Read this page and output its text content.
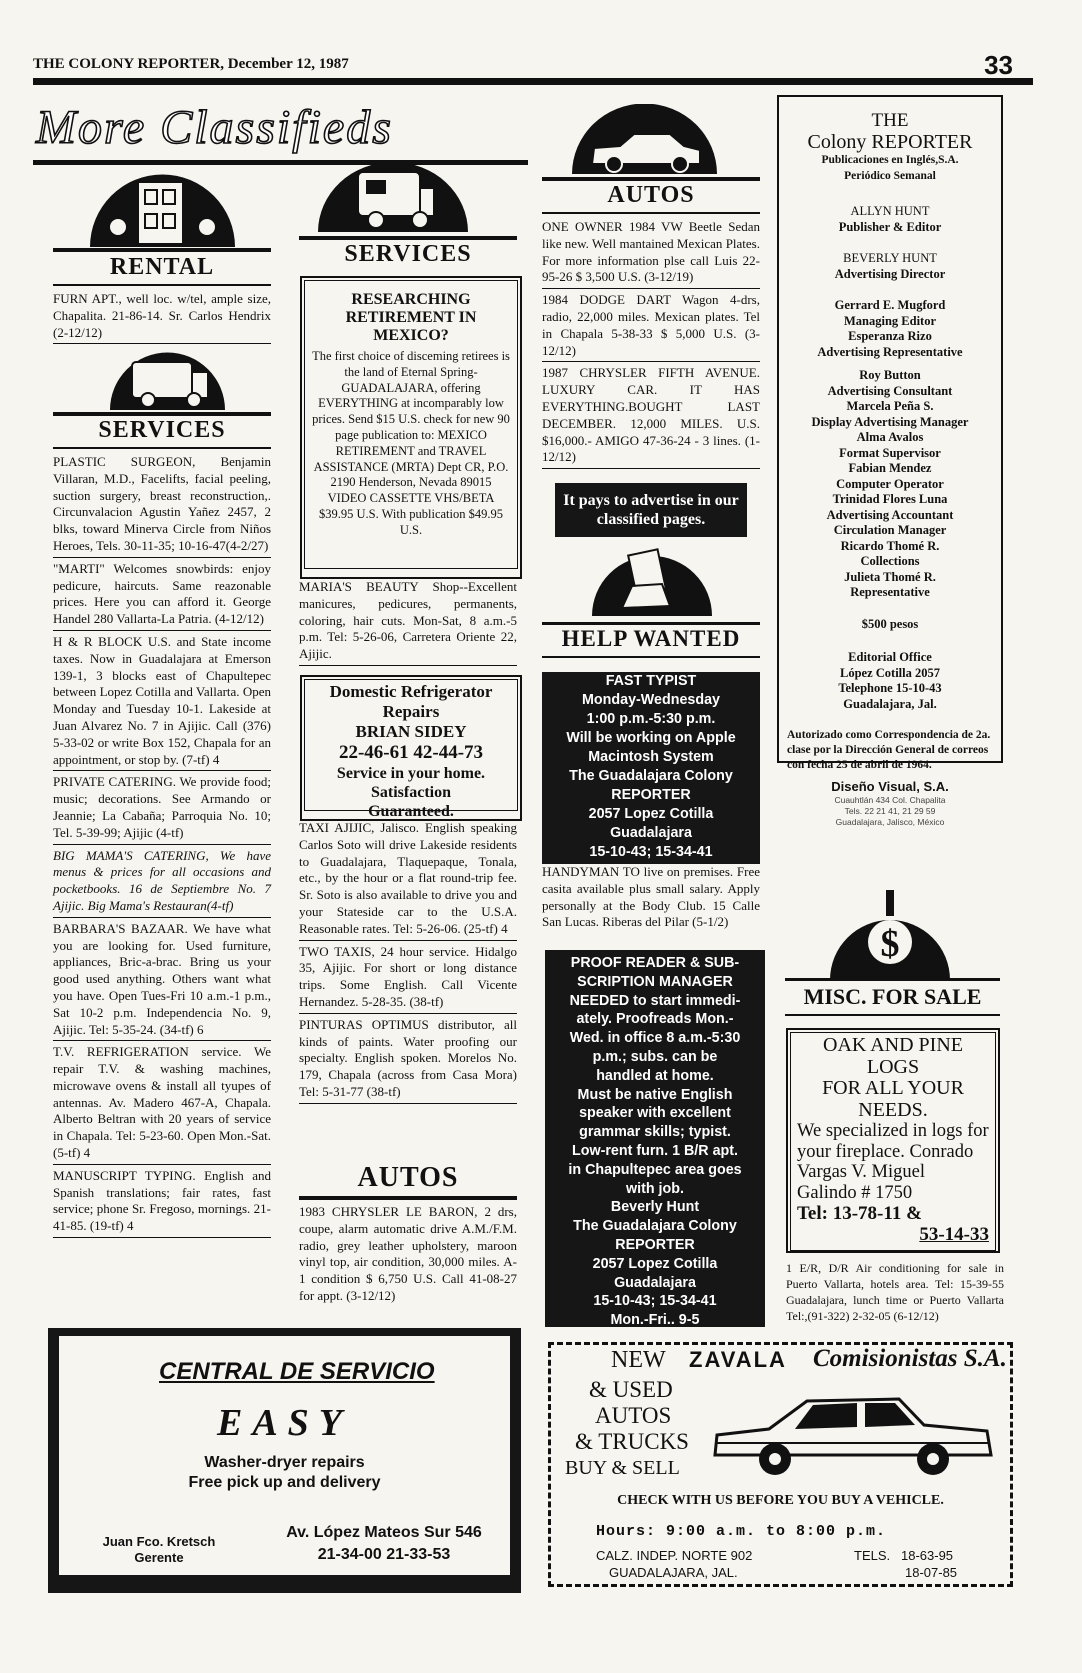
THE COLONY REPORTER, December 12, 1987	33
More Classifieds
RENTAL

FURN APT., well loc. w/tel, ample size, Chapalita. 21-86-14. Sr. Carlos Hendrix (2-12/12)

SERVICES

PLASTIC SURGEON, Benjamin Villaran, M.D., Facelifts, facial peeling, suction surgery, breast reconstruction,. Circunvalacion Agustin Yañez 2457, 2 blks, toward Minerva Circle from Niños Heroes, Tels. 30-11-35; 10-16-47(4-2/27)

"MARTI" Welcomes snowbirds: enjoy pedicure, haircuts. Same reazonable prices. Here you can afford it. George Handel 280 Vallarta-La Patria. (4-12/12)

H & R BLOCK U.S. and State income taxes. Now in Guadalajara at Emerson 139-1, 3 blocks east of Chapultepec between Lopez Cotilla and Vallarta. Open Monday and Tuesday 10-1. Lakeside at Juan Alvarez No. 7 in Ajijic. Call (376) 5-33-02 or write Box 152, Chapala for an appointment, or stop by. (7-tf) 4

PRIVATE CATERING. We provide food; music; decorations. See Armando or Jeannie; La Cabaña; Parroquia No. 10; Tel. 5-39-99; Ajijic (4-tf)

BIG MAMA'S CATERING, We have menus & prices for all occasions and pocketbooks. 16 de Septiembre No. 7 Ajijic. Big Mama's Restauran(4-tf)

BARBARA'S BAZAAR. We have what you are looking for. Used furniture, appliances, Bric-a-brac. Bring us your good used anything. Others want what you have. Open Tues-Fri 10 a.m.-1 p.m., Sat 10-2 p.m. Independencia No. 9, Ajijic. Tel: 5-35-24. (34-tf) 6

T.V. REFRIGERATION service. We repair T.V. & washing machines, microwave ovens & install all tyupes of antennas. Av. Madero 467-A, Chapala. Alberto Beltran with 20 years of service in Chapala. Tel: 5-23-60. Open Mon.-Sat. (5-tf) 4

MANUSCRIPT TYPING. English and Spanish translations; fair rates, fast service; phone Sr. Fregoso, mornings. 21-41-85. (19-tf) 4

SERVICES
RESEARCHING RETIREMENT IN MEXICO?
The first choice of disceming retirees is the land of Eternal Spring-GUADALAJARA, offering EVERYTHING at incomparably low prices. Send $15 U.S. check for new 90 page publication to: MEXICO RETIREMENT and TRAVEL ASSISTANCE (MRTA) Dept CR, P.O. 2190 Henderson, Nevada 89015 VIDEO CASSETTE VHS/BETA $39.95 U.S. With publication $49.95 U.S.

MARIA'S BEAUTY Shop--Excellent manicures, pedicures, permanents, coloring, hair cuts. Mon-Sat, 8 a.m.-5 p.m. Tel: 5-26-06, Carretera Oriente 22, Ajijic.

Domestic Refrigerator Repairs
BRIAN SIDEY
22-46-61 42-44-73
Service in your home.
Satisfaction
Guaranteed.

TAXI AJIJIC, Jalisco. English speaking Carlos Soto will drive Lakeside residents to Guadalajara, Tlaquepaque, Tonala, etc., by the hour or a flat round-trip fee. Sr. Soto is also available to drive you and your Stateside car to the U.S.A. Reasonable rates. Tel: 5-26-06. (25-tf) 4

TWO TAXIS, 24 hour service. Hidalgo 35, Ajijic. For short or long distance trips. Some English. Call Vicente Hernandez. 5-28-35. (38-tf)

PINTURAS OPTIMUS distributor, all kinds of paints. Water proofing our specialty. English spoken. Morelos No. 179, Chapala (across from Casa Mora) Tel: 5-31-77 (38-tf)

AUTOS

1983 CHRYSLER LE BARON, 2 drs, coupe, alarm automatic drive A.M./F.M. radio, grey leather upholstery, maroon vinyl top, air condition, 30,000 miles. A-1 condition $ 6,750 U.S. Call 41-08-27 for appt. (3-12/12)

AUTOS

ONE OWNER 1984 VW Beetle Sedan like new. Well mantained Mexican Plates. For more information plse call Luis 22-95-26 $ 3,500 U.S. (3-12/19)

1984 DODGE DART Wagon 4-drs, radio, 22,000 miles. Mexican plates. Tel in Chapala 5-38-33 $ 5,000 U.S. (3-12/12)

1987 CHRYSLER FIFTH AVENUE. LUXURY CAR. IT HAS EVERYTHING.BOUGHT LAST DECEMBER. 12,000 MILES. U.S. $16,000.- AMIGO 47-36-24 - 3 lines. (1-12/12)

It pays to advertise in our classified pages.
HELP WANTED
FAST TYPIST
Monday-Wednesday
1:00 p.m.-5:30 p.m.
Will be working on Apple
Macintosh System
The Guadalajara Colony
REPORTER
2057 Lopez Cotilla
Guadalajara
15-10-43; 15-34-41

HANDYMAN TO live on premises. Free casita available plus small salary. Apply personally at the Body Club. 15 Calle San Lucas. Riberas del Pilar (5-1/2)

PROOF READER & SUB-
SCRIPTION MANAGER
NEEDED to start immedi-
ately. Proofreads Mon.-
Wed. in office 8 a.m.-5:30
p.m.; subs. can be
handled at home.
Must be native English
speaker with excellent
grammar skills; typist.
Low-rent furn. 1 B/R apt.
in Chapultepec area goes
with job.
Beverly Hunt
The Guadalajara Colony
REPORTER
2057 Lopez Cotilla
Guadalajara
15-10-43; 15-34-41
Mon.-Fri.. 9-5

THE

Colony REPORTER

Publicaciones en Inglés,S.A.

Periódico Semanal

ALLYN HUNT

Publisher & Editor

BEVERLY HUNT

Advertising Director

Gerrard E. Mugford

Managing Editor

Esperanza Rizo

Advertising Representative

Roy Button

Advertising Consultant

Marcela Peña S.

Display Advertising Manager

Alma Avalos

Format Supervisor

Fabian Mendez

Computer Operator

Trinidad Flores Luna

Advertising Accountant

Circulation Manager

Ricardo Thomé R.

Collections

Julieta Thomé R.

Representative

$500 pesos

Editorial Office

López Cotilla 2057

Telephone 15-10-43

Guadalajara, Jal.

Autorizado como Correspondencia de 2a. clase por la Dirección General de correos con fecha 25 de abril de 1964.

Diseño Visual, S.A.

Cuauhtlán 434 Col. Chapalita

Tels. 22 21 41, 21 29 59

Guadalajara, Jalisco, México

$
MISC. FOR SALE
OAK AND PINE
LOGS
FOR ALL YOUR
NEEDS.
We specialized in logs for your fireplace. Conrado Vargas V. Miguel Galindo # 1750
Tel: 13-78-11 &
53-14-33

1 E/R, D/R Air conditioning for sale in Puerto Vallarta, hotels area. Tel: 15-39-55 Guadalajara, lunch time or Puerto Vallarta Tel:,(91-322) 2-32-05 (6-12/12)

CENTRAL DE SERVICIO
EASY
Washer-dryer repairs
Free pick up and delivery
Juan Fco. Kretsch
Gerente
Av. López Mateos Sur 546
21-34-00 21-33-53
NEW ZAVALA Comisionistas S.A.
& USED
AUTOS
& TRUCKS
BUY & SELL
CHECK WITH US BEFORE YOU BUY A VEHICLE.
Hours: 9:00 a.m. to 8:00 p.m.
CALZ. INDEP. NORTE 902
GUADALAJARA, JAL.
TELS. 18-63-95
18-07-85
